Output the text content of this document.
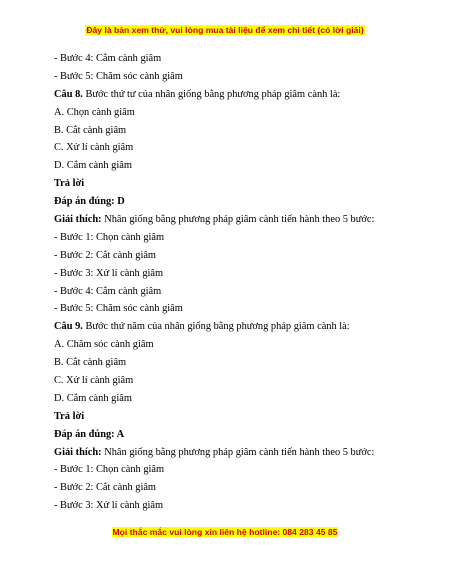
Đây là bản xem thử, vui lòng mua tài liệu để xem chi tiết (có lời giải)
- Bước 4: Cắm cành giâm
- Bước 5: Chăm sóc cành giâm
Câu 8. Bước thứ tư của nhân giống bằng phương pháp giâm cành là:
A. Chọn cành giâm
B. Cắt cành giâm
C. Xử lí cành giâm
D. Cắm cành giâm
Trả lời
Đáp án đúng: D
Giải thích: Nhân giống bằng phương pháp giâm cành tiến hành theo 5 bước:
- Bước 1: Chọn cành giâm
- Bước 2: Cắt cành giâm
- Bước 3: Xử lí cành giâm
- Bước 4: Cắm cành giâm
- Bước 5: Chăm sóc cành giâm
Câu 9. Bước thứ năm của nhân giống bằng phương pháp giâm cành là:
A. Chăm sóc cành giâm
B. Cắt cành giâm
C. Xử lí cành giâm
D. Cắm cành giâm
Trả lời
Đáp án đúng: A
Giải thích: Nhân giống bằng phương pháp giâm cành tiến hành theo 5 bước:
- Bước 1: Chọn cành giâm
- Bước 2: Cắt cành giâm
- Bước 3: Xử lí cành giâm
Mọi thắc mắc vui lòng xin liên hệ hotline: 084 283 45 85
